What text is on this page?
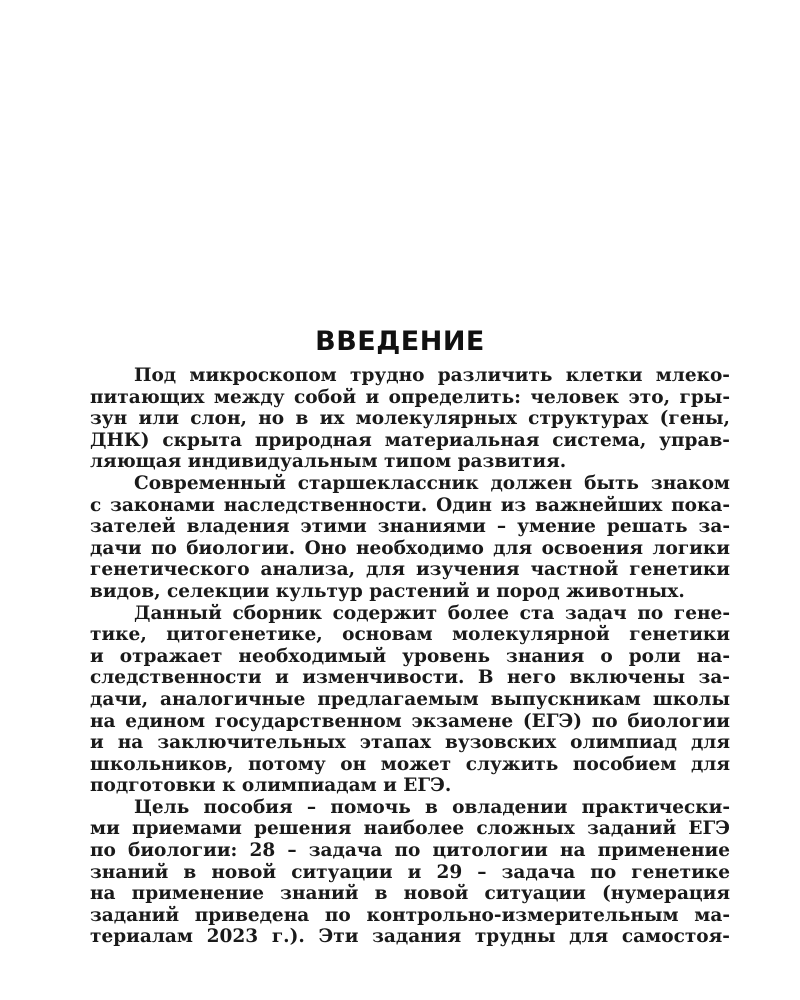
ВВЕДЕНИЕ
Под микроскопом трудно различить клетки млеко-
питающих между собой и определить: человек это, гры-
зун или слон, но в их молекулярных структурах (гены,
ДНК) скрыта природная материальная система, управ-
ляющая индивидуальным типом развития.
Современный старшеклассник должен быть знаком
с законами наследственности. Один из важнейших пока-
зателей владения этими знаниями – умение решать за-
дачи по биологии. Оно необходимо для освоения логики
генетического анализа, для изучения частной генетики
видов, селекции культур растений и пород животных.
Данный сборник содержит более ста задач по гене-
тике, цитогенетике, основам молекулярной генетики
и отражает необходимый уровень знания о роли на-
следственности и изменчивости. В него включены за-
дачи, аналогичные предлагаемым выпускникам школы
на едином государственном экзамене (ЕГЭ) по биологии
и на заключительных этапах вузовских олимпиад для
школьников, потому он может служить пособием для
подготовки к олимпиадам и ЕГЭ.
Цель пособия – помочь в овладении практически-
ми приемами решения наиболее сложных заданий ЕГЭ
по биологии: 28 – задача по цитологии на применение
знаний в новой ситуации и 29 – задача по генетике
на применение знаний в новой ситуации (нумерация
заданий приведена по контрольно-измерительным ма-
териалам 2023 г.). Эти задания трудны для самостоя-
